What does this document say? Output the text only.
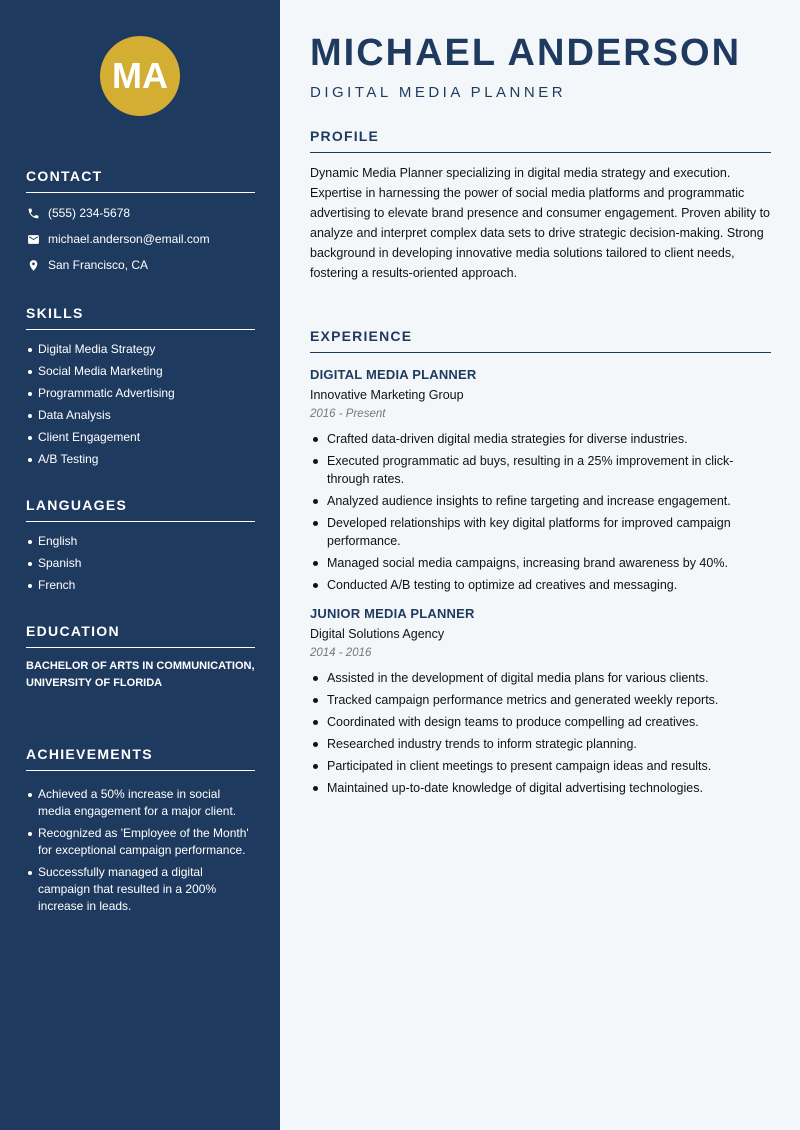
MA
CONTACT
(555) 234-5678
michael.anderson@email.com
San Francisco, CA
SKILLS
Digital Media Strategy
Social Media Marketing
Programmatic Advertising
Data Analysis
Client Engagement
A/B Testing
LANGUAGES
English
Spanish
French
EDUCATION
BACHELOR OF ARTS IN COMMUNICATION, UNIVERSITY OF FLORIDA
ACHIEVEMENTS
Achieved a 50% increase in social media engagement for a major client.
Recognized as 'Employee of the Month' for exceptional campaign performance.
Successfully managed a digital campaign that resulted in a 200% increase in leads.
MICHAEL ANDERSON
DIGITAL MEDIA PLANNER
PROFILE
Dynamic Media Planner specializing in digital media strategy and execution. Expertise in harnessing the power of social media platforms and programmatic advertising to elevate brand presence and consumer engagement. Proven ability to analyze and interpret complex data sets to drive strategic decision-making. Strong background in developing innovative media solutions tailored to client needs, fostering a results-oriented approach.
EXPERIENCE
DIGITAL MEDIA PLANNER
Innovative Marketing Group
2016 - Present
Crafted data-driven digital media strategies for diverse industries.
Executed programmatic ad buys, resulting in a 25% improvement in click-through rates.
Analyzed audience insights to refine targeting and increase engagement.
Developed relationships with key digital platforms for improved campaign performance.
Managed social media campaigns, increasing brand awareness by 40%.
Conducted A/B testing to optimize ad creatives and messaging.
JUNIOR MEDIA PLANNER
Digital Solutions Agency
2014 - 2016
Assisted in the development of digital media plans for various clients.
Tracked campaign performance metrics and generated weekly reports.
Coordinated with design teams to produce compelling ad creatives.
Researched industry trends to inform strategic planning.
Participated in client meetings to present campaign ideas and results.
Maintained up-to-date knowledge of digital advertising technologies.
